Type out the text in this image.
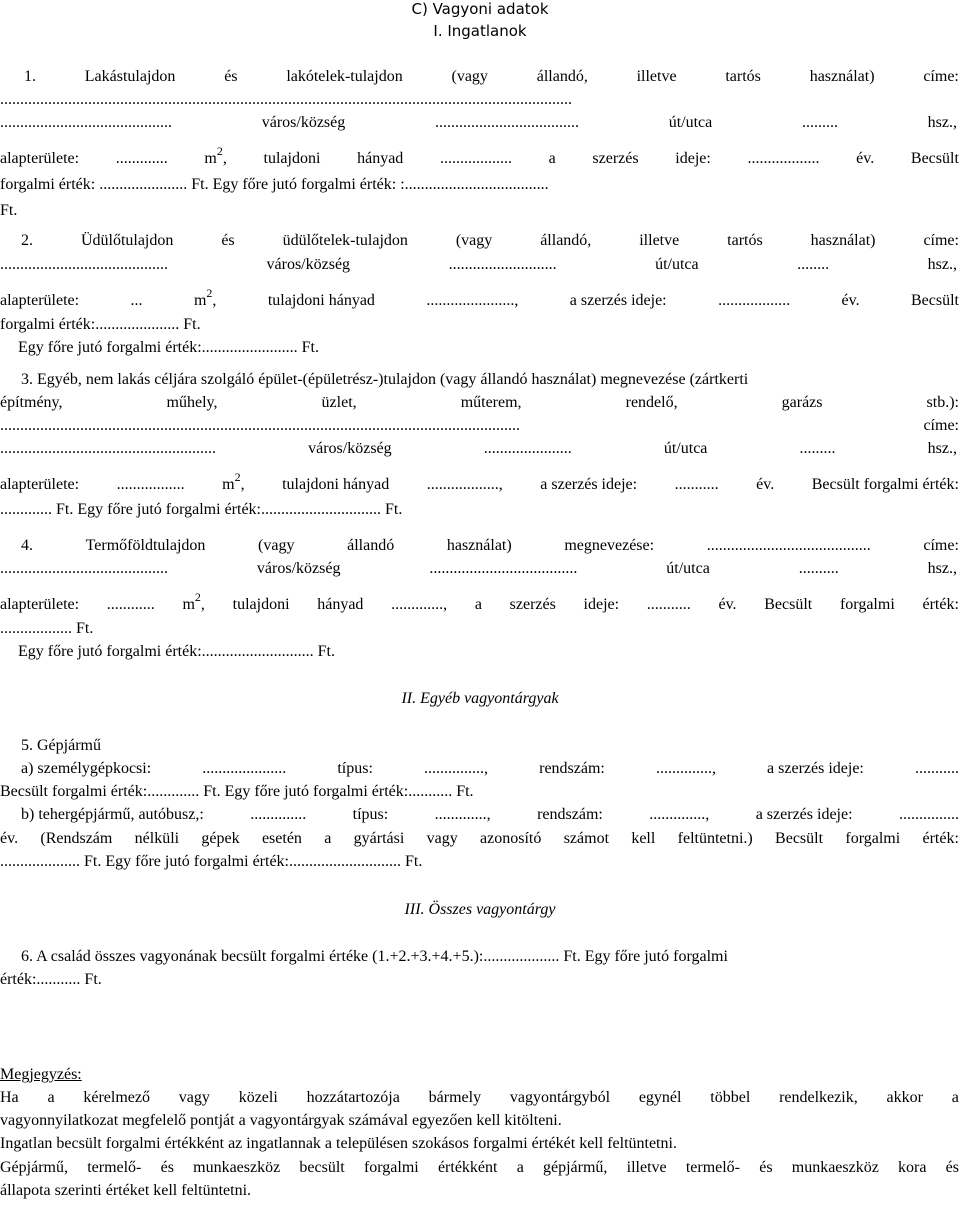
C) Vagyoni adatok
I. Ingatlanok
1.	Lakástulajdon	és	lakótelek-tulajdon	(vagy	állandó,	illetve	tartós	használat)	címe:
...............................................................................................................................................
...........................................	város/község	....................................	út/utca	.........	hsz.,
alapterülete: ............. $m^2$, tulajdoni hányad .................. a szerzés ideje: .................. év. Becsült
forgalmi érték: ...................... Ft. Egy főre jutó forgalmi érték: :....................................
Ft.
2.	Üdülőtulajdon	és	üdülőtelek-tulajdon	(vagy	állandó,	illetve	tartós	használat)	címe:
..........................................	város/község	...........................	út/utca	........	hsz.,
alapterülete:	...	$m^2$,	tulajdoni hányad	......................,	a szerzés ideje:	..................	év.	Becsült
forgalmi érték:..................... Ft.
Egy főre jutó forgalmi érték:........................ Ft.
3. Egyéb, nem lakás céljára szolgáló épület-(épületrész-)tulajdon (vagy állandó használat) megnevezése (zártkerti
építmény,	műhely,	üzlet,	műterem,	rendelő,	garázs	stb.):
..................................................................................................................................	címe:
......................................................	város/község	......................	út/utca	.........	hsz.,
alapterülete: ................. $m^2$, tulajdoni hányad .................., a szerzés ideje: ........... év. Becsült forgalmi érték:
............. Ft. Egy főre jutó forgalmi érték:.............................. Ft.
4.	Termőföldtulajdon	(vagy	állandó	használat)	megnevezése:	.........................................	címe:
..........................................	város/község	.....................................	út/utca	..........	hsz.,
alapterülete: ............ $m^2$, tulajdoni hányad ............., a szerzés ideje: ........... év. Becsült forgalmi érték:
.................. Ft.
Egy főre jutó forgalmi érték:............................ Ft.
II. Egyéb vagyontárgyak
5. Gépjármű
a) személygépkocsi:	.....................	típus:	...............,	rendszám:	..............,	a szerzés ideje:	...........
Becsült forgalmi érték:............. Ft. Egy főre jutó forgalmi érték:........... Ft.
b) tehergépjármű, autóbusz,:	..............	típus:	.............,	rendszám:	..............,	a szerzés ideje:	...............
év. (Rendszám nélküli gépek esetén a gyártási vagy azonosító számot kell feltüntetni.) Becsült forgalmi érték:
.................... Ft. Egy főre jutó forgalmi érték:............................ Ft.
III. Összes vagyontárgy
6. A család összes vagyonának becsült forgalmi értéke (1.+2.+3.+4.+5.):................... Ft. Egy főre jutó forgalmi
érték:........... Ft.
Megjegyzés:
Ha a kérelmező vagy közeli hozzátartozója bármely vagyontárgyból egynél többel rendelkezik, akkor a
vagyonnyilatkozat megfelelő pontját a vagyontárgyak számával egyezően kell kitölteni.
Ingatlan becsült forgalmi értékként az ingatlannak a településen szokásos forgalmi értékét kell feltüntetni.
Gépjármű, termelő- és munkaeszköz becsült forgalmi értékként a gépjármű, illetve termelő- és munkaeszköz kora és
állapota szerinti értéket kell feltüntetni.
